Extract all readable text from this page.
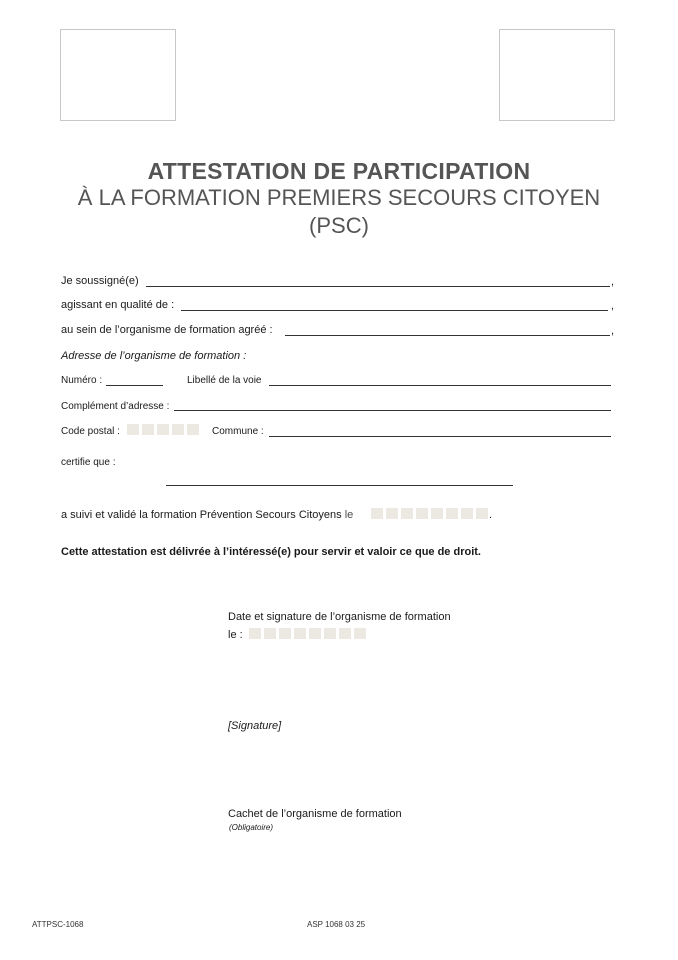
ATTESTATION DE PARTICIPATION
À LA FORMATION PREMIERS SECOURS CITOYEN
(PSC)
Je soussigné(e)	,
agissant en qualité de :	,
au sein de l’organisme de formation agréé :	,
Adresse de l’organisme de formation :
Numéro :	Libellé de la voie
Complément d’adresse :
Code postal :	Commune :
certifie que :
a suivi et validé la formation Prévention Secours Citoyens le	.
Cette attestation est délivrée à l’intéressé(e) pour servir et valoir ce que de droit.
Date et signature de l’organisme de formation
le :
[Signature]
Cachet de l’organisme de formation
(Obligatoire)
ATTPSC-1068	ASP 1068 03 25
